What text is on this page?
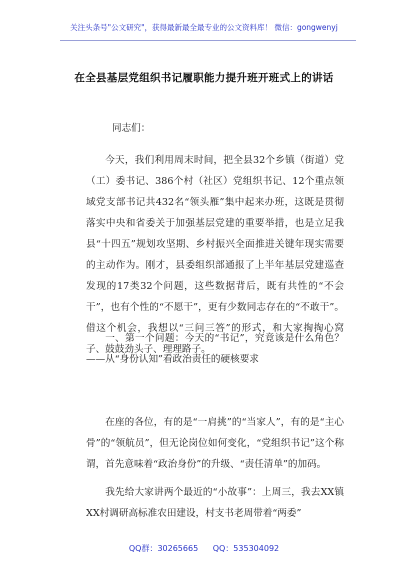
关注头条号"公文研究"，获得最新最全最专业的公文资料库！ 微信：gongwenyj
在全县基层党组织书记履职能力提升班开班式上的讲话
同志们：

今天，我们利用周末时间，把全县32个乡镇（街道）党（工）委书记、386个村（社区）党组织书记、12个重点领域党支部书记共432名“领头雁”集中起来办班，这既是贯彻落实中央和省委关于加强基层党建的重要举措，也是立足我县“十四五”规划攻坚期、乡村振兴全面推进关键年现实需要的主动作为。刚才，县委组织部通报了上半年基层党建巡查发现的17类32个问题，这些数据背后，既有共性的“不会干”，也有个性的“不愿干”，更有少数同志存在的“不敢干”。借这个机会，我想以“三问三答”的形式，和大家掏掏心窝子、鼓鼓劲头子、理理路子。

一、第一个问题：今天的“书记”，究竟该是什么角色？——从“身份认知”看政治责任的硬核要求

在座的各位，有的是“一肩挑”的“当家人”，有的是“主心骨”的“领航员”，但无论岗位如何变化，“党组织书记”这个称谓，首先意味着“政治身份”的升级、“责任清单”的加码。

我先给大家讲两个最近的“小故事”：上周三，我去XX镇XX村调研高标准农田建设，村支书老周带着“两委”

QQ群：30265665 QQ：535304092
